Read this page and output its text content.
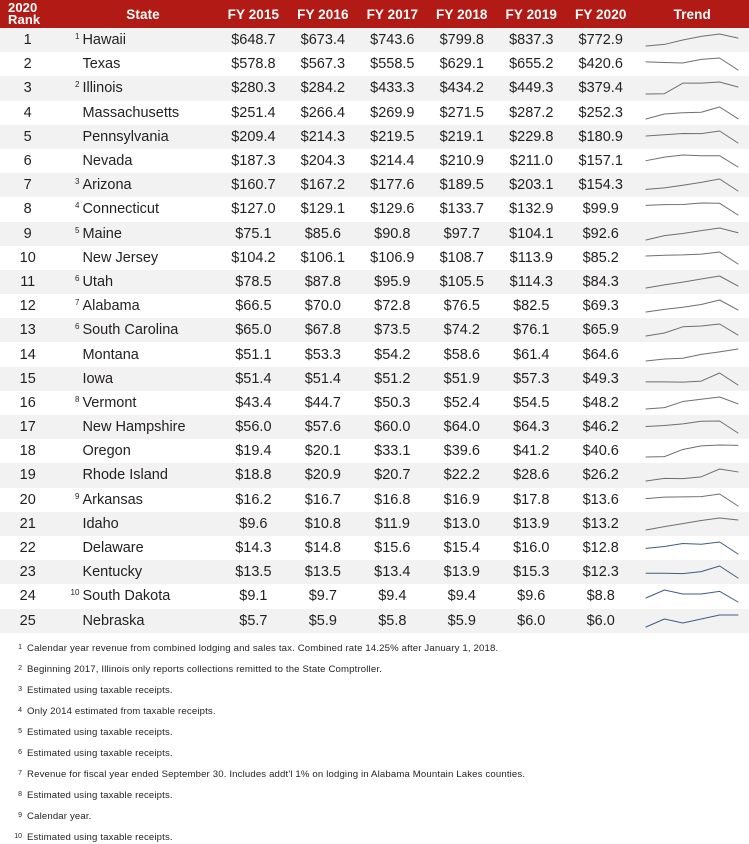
2020
Rank	State	FY 2015	FY 2016	FY 2017	FY 2018	FY 2019	FY 2020	Trend
1	1 Hawaii	$648.7	$673.4	$743.6	$799.8	$837.3	$772.9	

2	Texas	$578.8	$567.3	$558.5	$629.1	$655.2	$420.6	

3	2 Illinois	$280.3	$284.2	$433.3	$434.2	$449.3	$379.4	

4	Massachusetts	$251.4	$266.4	$269.9	$271.5	$287.2	$252.3	

5	Pennsylvania	$209.4	$214.3	$219.5	$219.1	$229.8	$180.9	

6	Nevada	$187.3	$204.3	$214.4	$210.9	$211.0	$157.1	

7	3 Arizona	$160.7	$167.2	$177.6	$189.5	$203.1	$154.3	

8	4 Connecticut	$127.0	$129.1	$129.6	$133.7	$132.9	$99.9	

9	5 Maine	$75.1	$85.6	$90.8	$97.7	$104.1	$92.6	

10	New Jersey	$104.2	$106.1	$106.9	$108.7	$113.9	$85.2	

11	6 Utah	$78.5	$87.8	$95.9	$105.5	$114.3	$84.3	

12	7 Alabama	$66.5	$70.0	$72.8	$76.5	$82.5	$69.3	

13	6 South Carolina	$65.0	$67.8	$73.5	$74.2	$76.1	$65.9	

14	Montana	$51.1	$53.3	$54.2	$58.6	$61.4	$64.6	

15	Iowa	$51.4	$51.4	$51.2	$51.9	$57.3	$49.3	

16	8 Vermont	$43.4	$44.7	$50.3	$52.4	$54.5	$48.2	

17	New Hampshire	$56.0	$57.6	$60.0	$64.0	$64.3	$46.2	

18	Oregon	$19.4	$20.1	$33.1	$39.6	$41.2	$40.6	

19	Rhode Island	$18.8	$20.9	$20.7	$22.2	$28.6	$26.2	

20	9 Arkansas	$16.2	$16.7	$16.8	$16.9	$17.8	$13.6	

21	Idaho	$9.6	$10.8	$11.9	$13.0	$13.9	$13.2	

22	Delaware	$14.3	$14.8	$15.6	$15.4	$16.0	$12.8	

23	Kentucky	$13.5	$13.5	$13.4	$13.9	$15.3	$12.3	

24	10 South Dakota	$9.1	$9.7	$9.4	$9.4	$9.6	$8.8	

25	Nebraska	$5.7	$5.9	$5.8	$5.9	$6.0	$6.0	
1 Calendar year revenue from combined lodging and sales tax. Combined rate 14.25% after January 1, 2018.
2 Beginning 2017, Illinois only reports collections remitted to the State Comptroller.
3 Estimated using taxable receipts.
4 Only 2014 estimated from taxable receipts.
5 Estimated using taxable receipts.
6 Estimated using taxable receipts.
7 Revenue for fiscal year ended September 30. Includes addt'l 1% on lodging in Alabama Mountain Lakes counties.
8 Estimated using taxable receipts.
9 Calendar year.
10 Estimated using taxable receipts.
